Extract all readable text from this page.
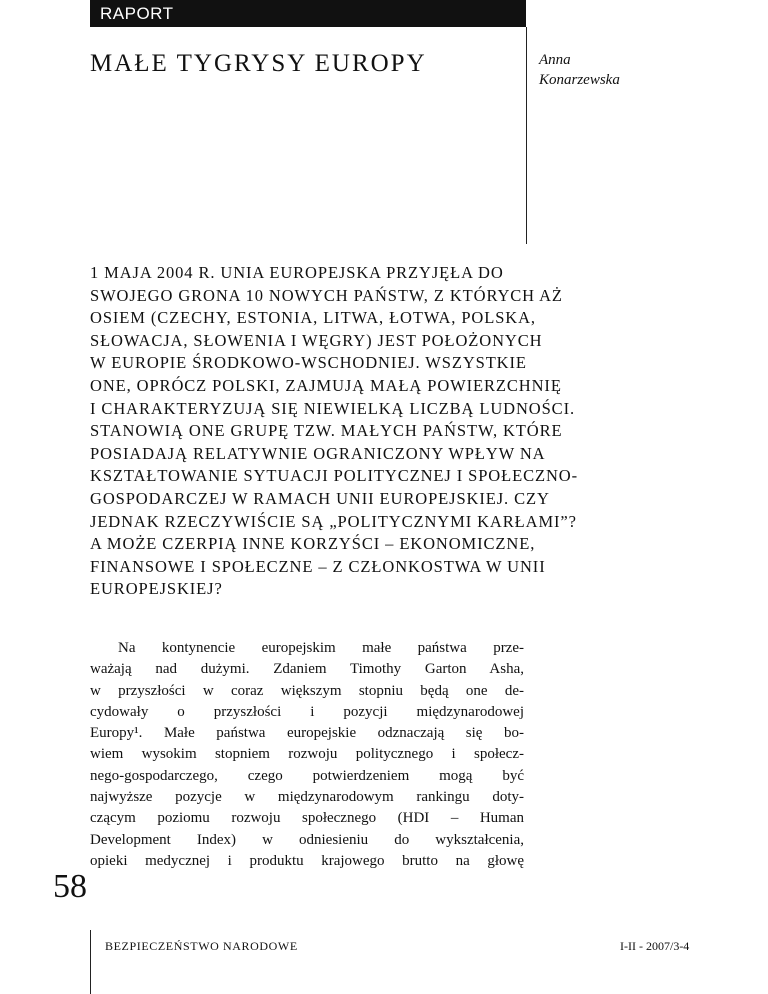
RAPORT
MAŁE TYGRYSY EUROPY	Anna
Konarzewska
1 MAJA 2004 R. UNIA EUROPEJSKA PRZYJĘŁA DO
SWOJEGO GRONA 10 NOWYCH PAŃSTW, Z KTÓRYCH AŻ
OSIEM (CZECHY, ESTONIA, LITWA, ŁOTWA, POLSKA,
SŁOWACJA, SŁOWENIA I WĘGRY) JEST POŁOŻONYCH
W EUROPIE ŚRODKOWO-WSCHODNIEJ. WSZYSTKIE
ONE, OPRÓCZ POLSKI, ZAJMUJĄ MAŁĄ POWIERZCHNIĘ
I CHARAKTERYZUJĄ SIĘ NIEWIELKĄ LICZBĄ LUDNOŚCI.
STANOWIĄ ONE GRUPĘ TZW. MAŁYCH PAŃSTW, KTÓRE
POSIADAJĄ RELATYWNIE OGRANICZONY WPŁYW NA
KSZTAŁTOWANIE SYTUACJI POLITYCZNEJ I SPOŁECZNO-
GOSPODARCZEJ W RAMACH UNII EUROPEJSKIEJ. CZY
JEDNAK RZECZYWIŚCIE SĄ „POLITYCZNYMI KARŁAMI”?
A MOŻE CZERPIĄ INNE KORZYŚCI – EKONOMICZNE,
FINANSOWE I SPOŁECZNE – Z CZŁONKOSTWA W UNII
EUROPEJSKIEJ?
Na kontynencie europejskim małe państwa prze-
ważają nad dużymi. Zdaniem Timothy Garton Asha,
w przyszłości w coraz większym stopniu będą one de-
cydowały o przyszłości i pozycji międzynarodowej
Europy¹. Małe państwa europejskie odznaczają się bo-
wiem wysokim stopniem rozwoju politycznego i społecz-
nego-gospodarczego, czego potwierdzeniem mogą być
najwyższe pozycje w międzynarodowym rankingu doty-
czącym poziomu rozwoju społecznego (HDI – Human
Development Index) w odniesieniu do wykształcenia,
opieki medycznej i produktu krajowego brutto na głowę
58
BEZPIECZEŃSTWO NARODOWE	I-II - 2007/3-4
